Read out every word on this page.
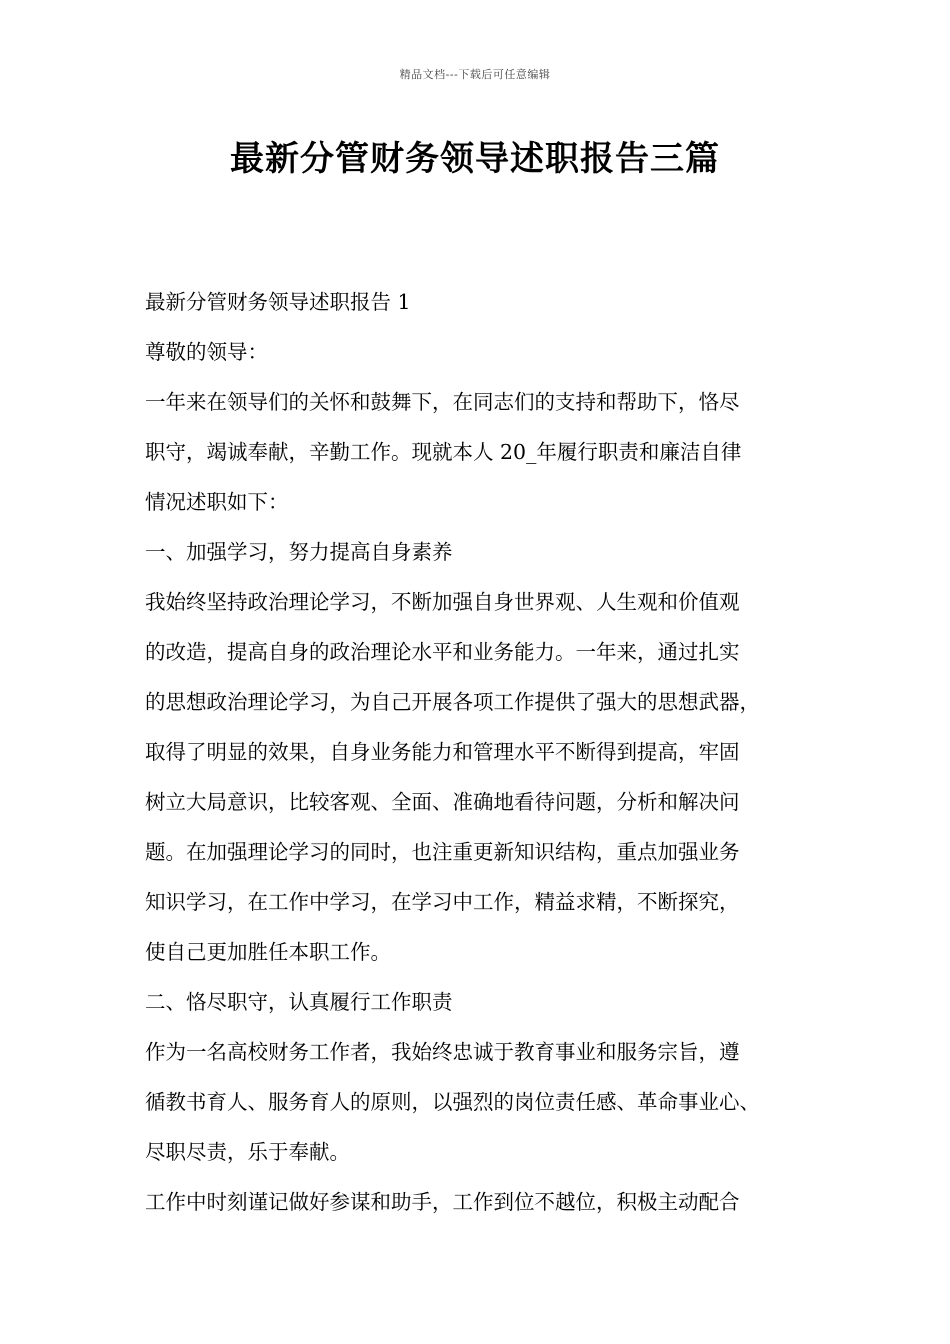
精品文档---下载后可任意编辑
最新分管财务领导述职报告三篇
最新分管财务领导述职报告 1
尊敬的领导：
一年来在领导们的关怀和鼓舞下，在同志们的支持和帮助下，恪尽
职守，竭诚奉献，辛勤工作。现就本人 20_年履行职责和廉洁自律
情况述职如下：
一、加强学习，努力提高自身素养
我始终坚持政治理论学习，不断加强自身世界观、人生观和价值观
的改造，提高自身的政治理论水平和业务能力。一年来，通过扎实
的思想政治理论学习，为自己开展各项工作提供了强大的思想武器，
取得了明显的效果，自身业务能力和管理水平不断得到提高，牢固
树立大局意识，比较客观、全面、准确地看待问题，分析和解决问
题。在加强理论学习的同时，也注重更新知识结构，重点加强业务
知识学习，在工作中学习，在学习中工作，精益求精，不断探究，
使自己更加胜任本职工作。
二、恪尽职守，认真履行工作职责
作为一名高校财务工作者，我始终忠诚于教育事业和服务宗旨，遵
循教书育人、服务育人的原则，以强烈的岗位责任感、革命事业心、
尽职尽责，乐于奉献。
工作中时刻谨记做好参谋和助手，工作到位不越位，积极主动配合
